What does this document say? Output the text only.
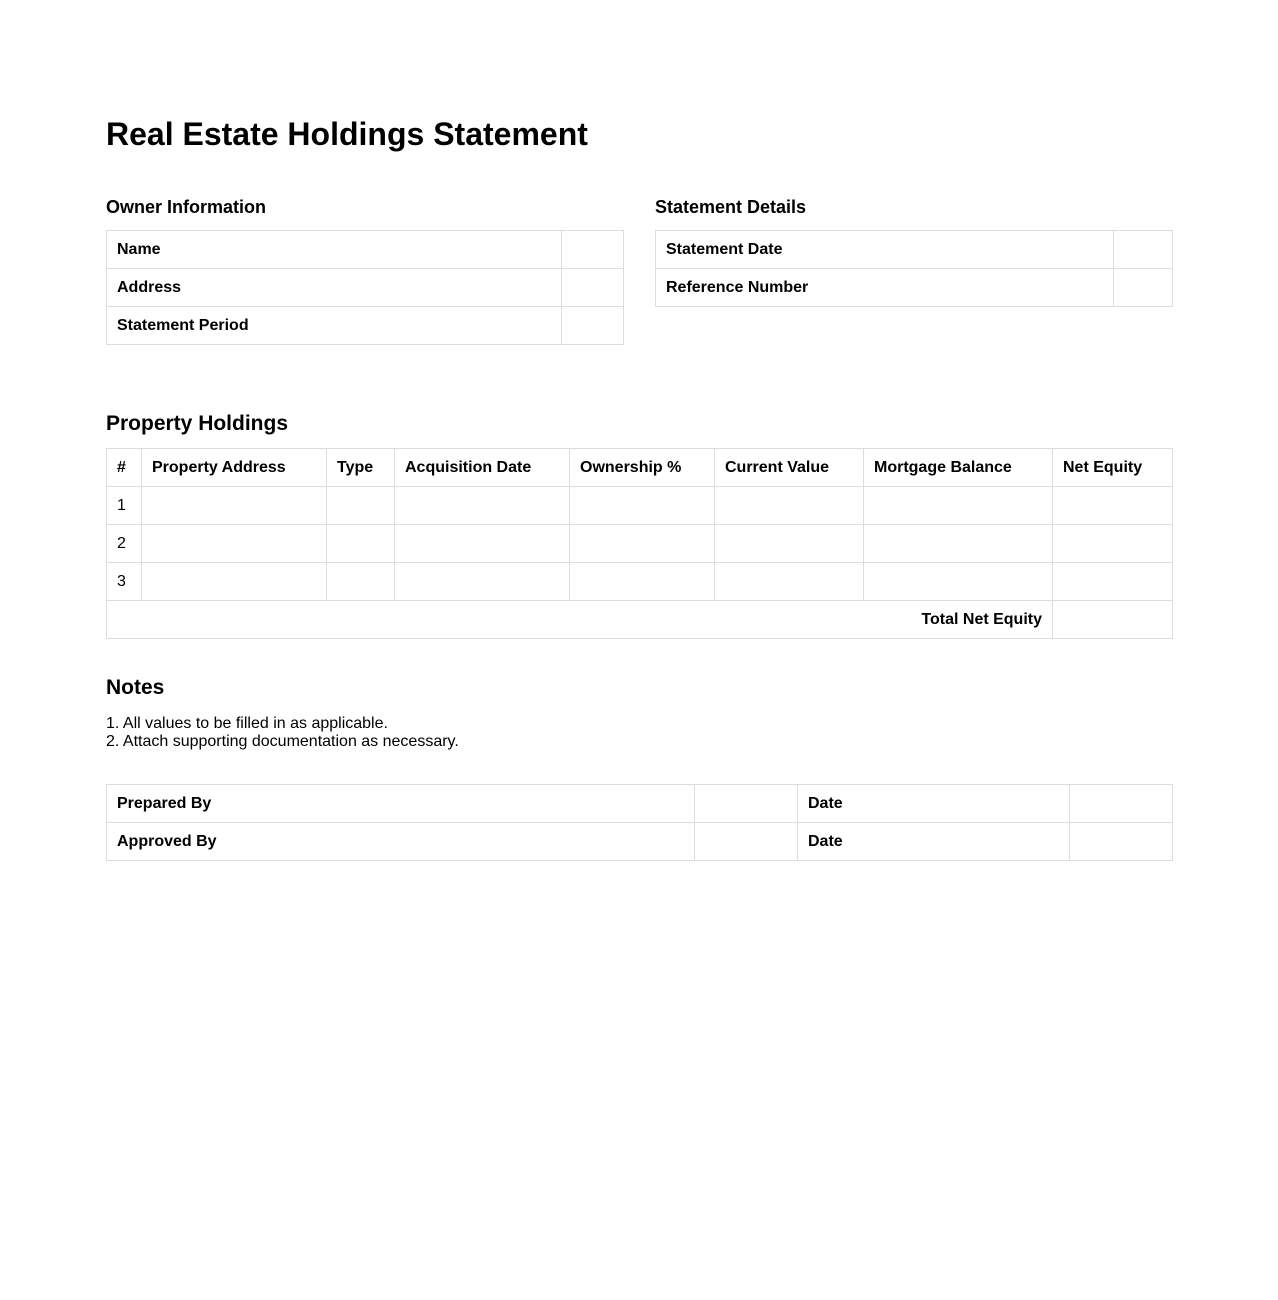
Real Estate Holdings Statement
Owner Information
Name	
Address	
Statement Period	
Statement Details
Statement Date	
Reference Number	
Property Holdings
#	Property Address	Type	Acquisition Date	Ownership %	Current Value	Mortgage Balance	Net Equity
1							
2							
3							
Total Net Equity							
Notes
1. All values to be filled in as applicable.
2. Attach supporting documentation as necessary.
Prepared By		Date	
Approved By		Date	
